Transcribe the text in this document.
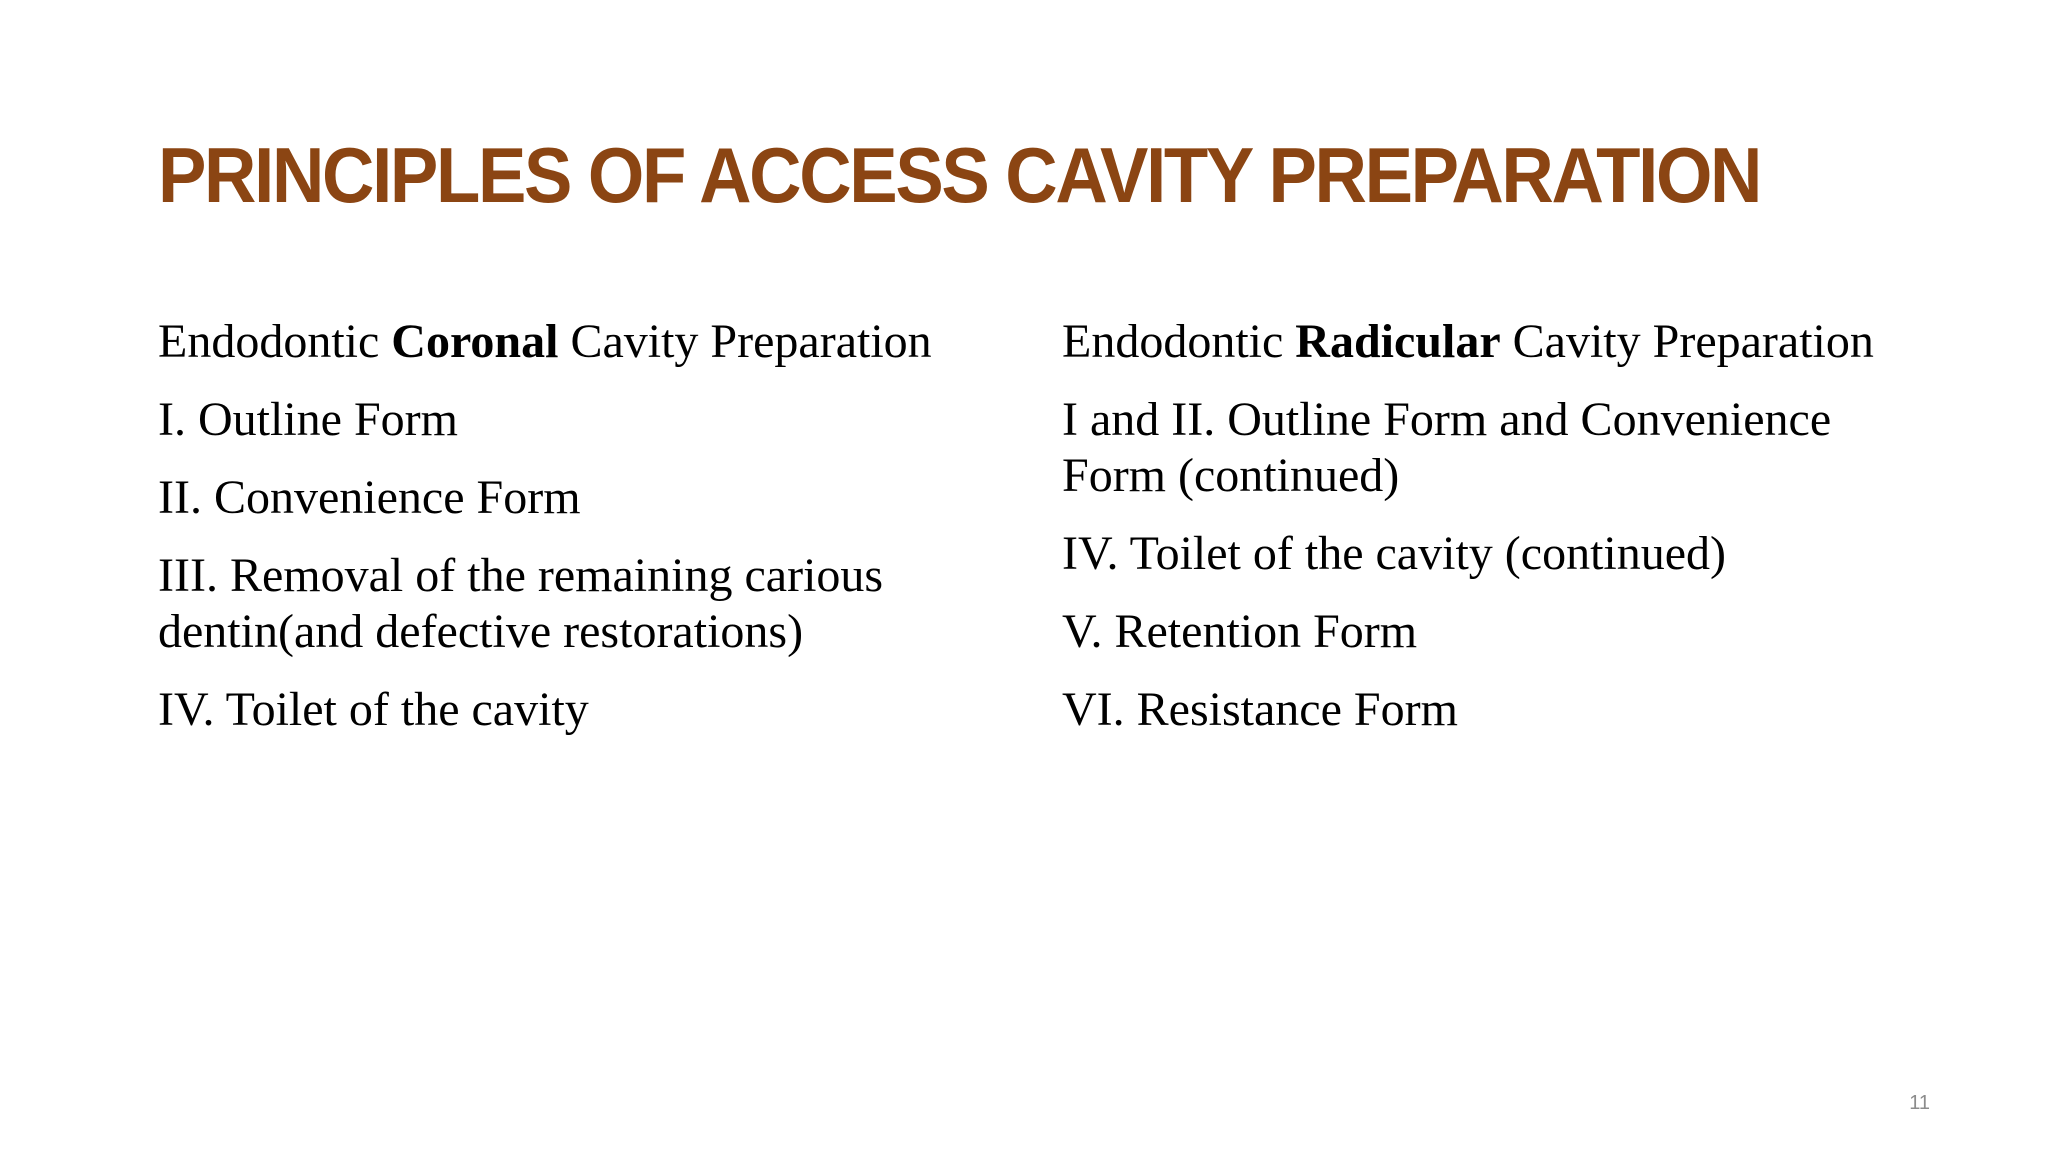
PRINCIPLES OF ACCESS CAVITY PREPARATION

Endodontic Coronal Cavity Preparation

I. Outline Form

II. Convenience Form

III. Removal of the remaining carious dentin(and defective restorations)

IV. Toilet of the cavity

Endodontic Radicular Cavity Preparation

I and II. Outline Form and Convenience Form (continued)

IV. Toilet of the cavity (continued)

V. Retention Form

VI. Resistance Form

11
